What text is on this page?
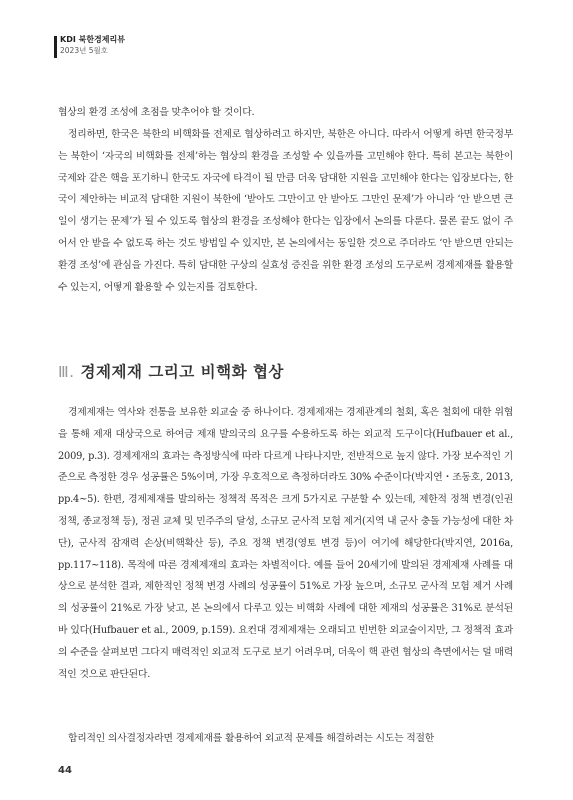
KDI 북한경제리뷰
2023년 5월호

협상의 환경 조성에 초점을 맞추어야 할 것이다.

정리하면, 한국은 북한의 비핵화를 전제로 협상하려고 하지만, 북한은 아니다. 따라서 어떻게 하면 한국정부는 북한이 ‘자국의 비핵화를 전제’하는 협상의 환경을 조성할 수 있을까를 고민해야 한다. 특히 본고는 북한이 국제와 같은 핵을 포기하니 한국도 자국에 타격이 될 만큼 더욱 담대한 지원을 고민해야 한다는 입장보다는, 한국이 제안하는 비교적 담대한 지원이 북한에 ‘받아도 그만이고 안 받아도 그만인 문제’가 아니라 ‘안 받으면 큰일이 생기는 문제’가 될 수 있도록 협상의 환경을 조성해야 한다는 입장에서 논의를 다룬다. 물론 끝도 없이 주어서 안 받을 수 없도록 하는 것도 방법일 수 있지만, 본 논의에서는 동일한 것으로 주더라도 ‘안 받으면 안되는 환경 조성’에 관심을 가진다. 특히 담대한 구상의 실효성 증진을 위한 환경 조성의 도구로써 경제제재를 활용할 수 있는지, 어떻게 활용할 수 있는지를 검토한다.

Ⅲ. 경제제재 그리고 비핵화 협상

경제제재는 역사와 전통을 보유한 외교술 중 하나이다. 경제제재는 경제관계의 철회, 혹은 철회에 대한 위협을 통해 제재 대상국으로 하여금 제재 발의국의 요구를 수용하도록 하는 외교적 도구이다(Hufbauer et al., 2009, p.3). 경제제재의 효과는 측정방식에 따라 다르게 나타나지만, 전반적으로 높지 않다. 가장 보수적인 기준으로 측정한 경우 성공률은 5%이며, 가장 우호적으로 측정하더라도 30% 수준이다(박지연・조동호, 2013, pp.4~5). 한편, 경제제재를 발의하는 정책적 목적은 크게 5가지로 구분할 수 있는데, 제한적 정책 변경(인권정책, 종교정책 등), 정권 교체 및 민주주의 달성, 소규모 군사적 모험 제거(지역 내 군사 충돌 가능성에 대한 차단), 군사적 잠재력 손상(비핵확산 등), 주요 정책 변경(영토 변경 등)이 여기에 해당한다(박지연, 2016a, pp.117~118). 목적에 따른 경제제재의 효과는 차별적이다. 예를 들어 20세기에 발의된 경제제재 사례를 대상으로 분석한 결과, 제한적인 정책 변경 사례의 성공률이 51%로 가장 높으며, 소규모 군사적 모험 제거 사례의 성공률이 21%로 가장 낮고, 본 논의에서 다루고 있는 비핵화 사례에 대한 제재의 성공률은 31%로 분석된 바 있다(Hufbauer et al., 2009, p.159). 요컨대 경제제재는 오래되고 빈번한 외교술이지만, 그 정책적 효과의 수준을 살펴보면 그다지 매력적인 외교적 도구로 보기 어려우며, 더욱이 핵 관련 협상의 측면에서는 덜 매력적인 것으로 판단된다.

합리적인 의사결정자라면 경제제재를 활용하여 외교적 문제를 해결하려는 시도는 적절한

44
